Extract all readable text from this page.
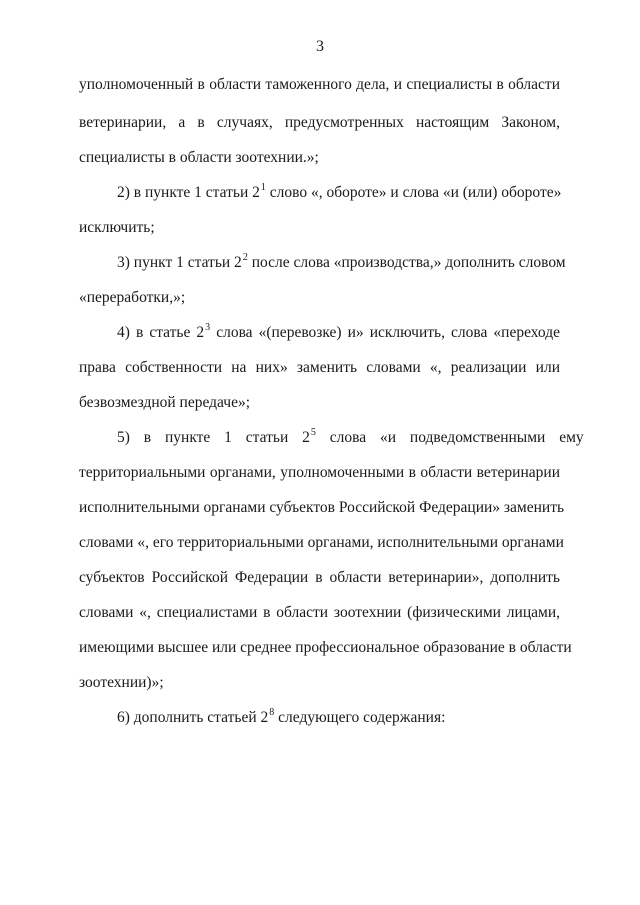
3
уполномоченный в области таможенного дела, и специалисты в области
ветеринарии, а в случаях, предусмотренных настоящим Законом,
специалисты в области зоотехнии.»;
2) в пункте 1 статьи $2^1$ слово «, обороте» и слова «и (или) обороте»
исключить;
3) пункт 1 статьи $2^2$ после слова «производства,» дополнить словом
«переработки,»;
4) в статье $2^3$ слова «(перевозке) и» исключить, слова «переходе
права собственности на них» заменить словами «, реализации или
безвозмездной передаче»;
5) в пункте 1 статьи $2^5$ слова «и подведомственными ему
территориальными органами, уполномоченными в области ветеринарии
исполнительными органами субъектов Российской Федерации» заменить
словами «, его территориальными органами, исполнительными органами
субъектов Российской Федерации в области ветеринарии», дополнить
словами «, специалистами в области зоотехнии (физическими лицами,
имеющими высшее или среднее профессиональное образование в области
зоотехнии)»;
6) дополнить статьей $2^8$ следующего содержания:
